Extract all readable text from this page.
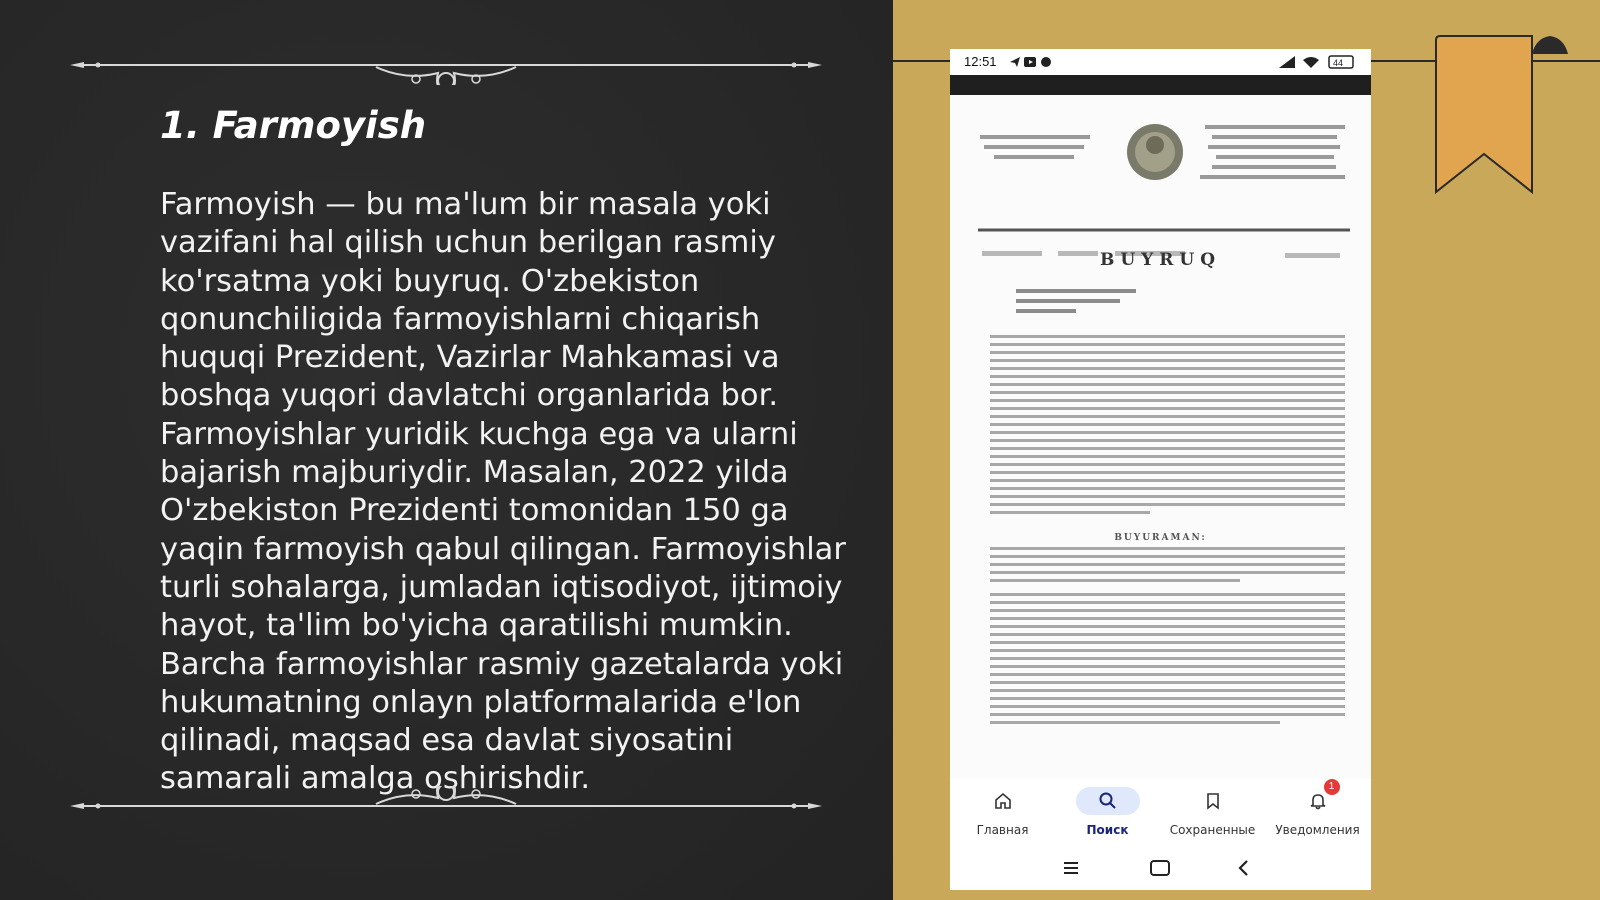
1. Farmoyish
Farmoyish — bu ma'lum bir masala yoki vazifani hal qilish uchun berilgan rasmiy ko'rsatma yoki buyruq. O'zbekiston qonunchiligida farmoyishlarni chiqarish huquqi Prezident, Vazirlar Mahkamasi va boshqa yuqori davlatchi organlarida bor. Farmoyishlar yuridik kuchga ega va ularni bajarish majburiydir. Masalan, 2022 yilda O'zbekiston Prezidenti tomonidan 150 ga yaqin farmoyish qabul qilingan. Farmoyishlar turli sohalarga, jumladan iqtisodiyot, ijtimoiy hayot, ta'lim bo'yicha qaratilishi mumkin. Barcha farmoyishlar rasmiy gazetalarda yoki hukumatning onlayn platformalarida e'lon qilinadi, maqsad esa davlat siyosatini samarali amalga oshirishdir.
12:51	44
BUYRUQ
BUYURAMAN:
Главная	Поиск	Сохраненные
1
Уведомления
